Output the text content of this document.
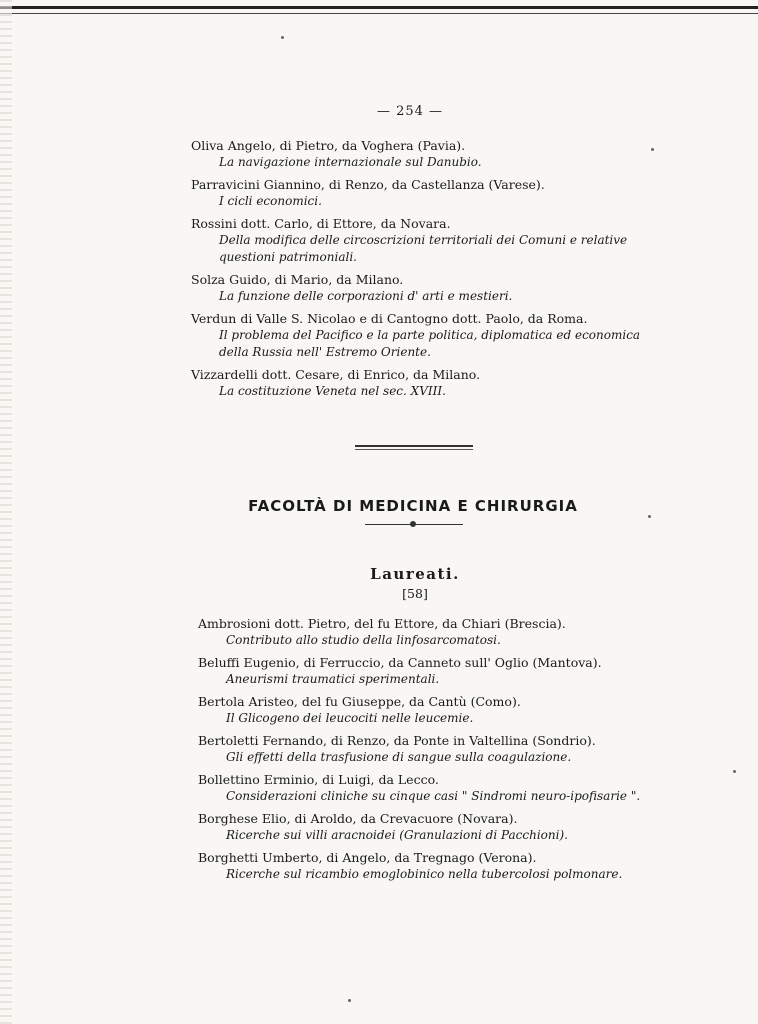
— 254 —
Oliva Angelo, di Pietro, da Voghera (Pavia).
La navigazione internazionale sul Danubio.
Parravicini Giannino, di Renzo, da Castellanza (Varese).
I cicli economici.
Rossini dott. Carlo, di Ettore, da Novara.
Della modifica delle circoscrizioni territoriali dei Comuni e relative questioni patrimoniali.
Solza Guido, di Mario, da Milano.
La funzione delle corporazioni d' arti e mestieri.
Verdun di Valle S. Nicolao e di Cantogno dott. Paolo, da Roma.
Il problema del Pacifico e la parte politica, diplomatica ed economica della Russia nell' Estremo Oriente.
Vizzardelli dott. Cesare, di Enrico, da Milano.
La costituzione Veneta nel sec. XVIII.
FACOLTÀ DI MEDICINA E CHIRURGIA
Laureati.
[58]
Ambrosioni dott. Pietro, del fu Ettore, da Chiari (Brescia).
Contributo allo studio della linfosarcomatosi.
Beluffi Eugenio, di Ferruccio, da Canneto sull' Oglio (Mantova).
Aneurismi traumatici sperimentali.
Bertola Aristeo, del fu Giuseppe, da Cantù (Como).
Il Glicogeno dei leucociti nelle leucemie.
Bertoletti Fernando, di Renzo, da Ponte in Valtellina (Sondrio).
Gli effetti della trasfusione di sangue sulla coagulazione.
Bollettino Erminio, di Luigi, da Lecco.
Considerazioni cliniche su cinque casi " Sindromi neuro-ipofisarie ".
Borghese Elio, di Aroldo, da Crevacuore (Novara).
Ricerche sui villi aracnoidei (Granulazioni di Pacchioni).
Borghetti Umberto, di Angelo, da Tregnago (Verona).
Ricerche sul ricambio emoglobinico nella tubercolosi polmonare.
